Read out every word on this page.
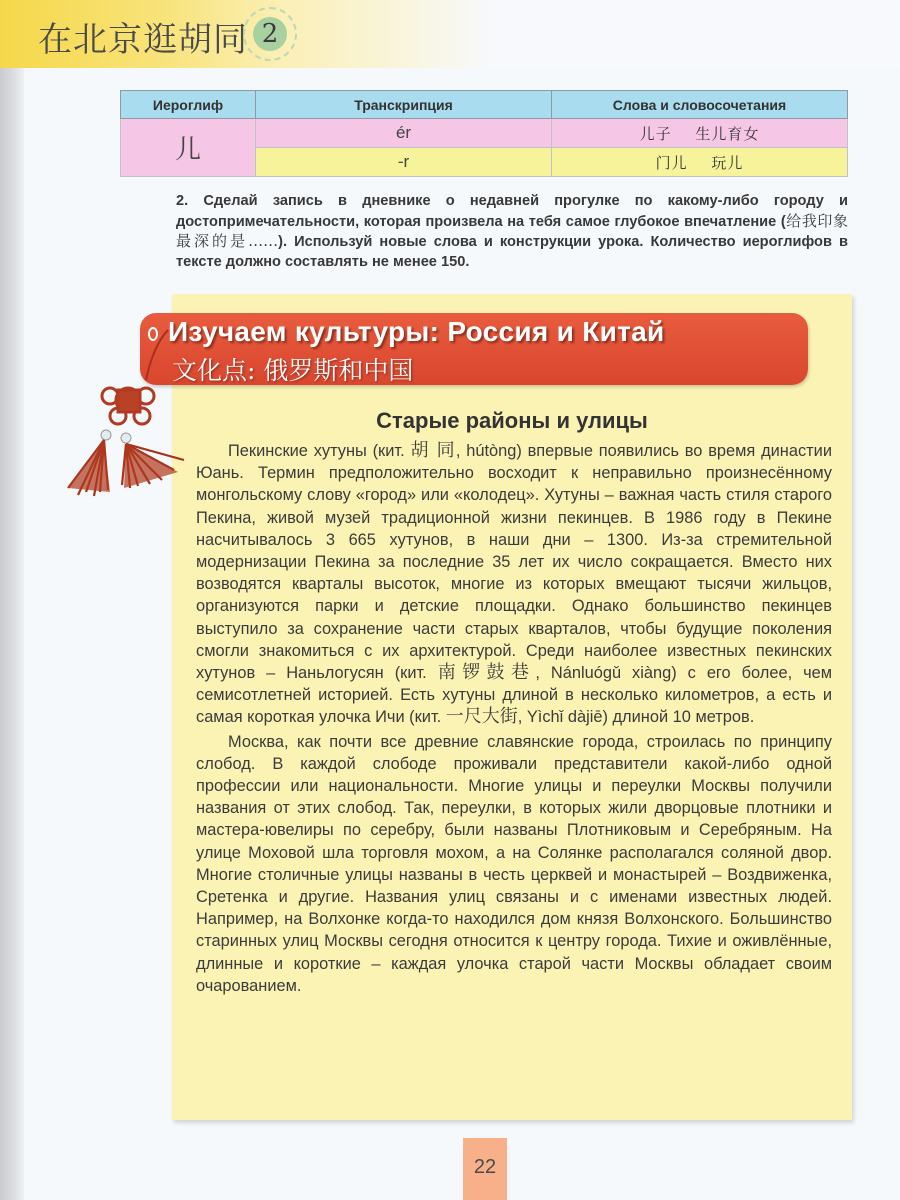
在北京逛胡同 2
Иероглиф	Транскрипция	Слова и словосочетания
儿	ér	儿子 生儿育女
	-r	门儿 玩儿
2. Сделай запись в дневнике о недавней прогулке по какому-либо городу и достопримечательности, которая произвела на тебя самое глубокое впечатление (给我印象最深的是……). Используй новые слова и конструкции урока. Количество иероглифов в тексте должно составлять не менее 150.
Изучаем культуры: Россия и Китай
文化点: 俄罗斯和中国
Старые районы и улицы

Пекинские хутуны (кит. 胡 同, hútòng) впервые появились во время династии Юань. Термин предположительно восходит к неправильно произнесённому монгольскому слову «город» или «колодец». Хутуны – важная часть стиля старого Пекина, живой музей традиционной жизни пекинцев. В 1986 году в Пекине насчитывалось 3 665 хутунов, в наши дни – 1300. Из-за стремительной модернизации Пекина за последние 35 лет их число сокращается. Вместо них возводятся кварталы высоток, многие из которых вмещают тысячи жильцов, организуются парки и детские площадки. Однако большинство пекинцев выступило за сохранение части старых кварталов, чтобы будущие поколения смогли знакомиться с их архитектурой. Среди наиболее известных пекинских хутунов – Наньлогусян (кит. 南锣鼓巷, Nánluógǔ xiàng) с его более, чем семисотлетней историей. Есть хутуны длиной в несколько километров, а есть и самая короткая улочка Ичи (кит. 一尺大街, Yìchǐ dàjiē) длиной 10 метров.

Москва, как почти все древние славянские города, строилась по принципу слобод. В каждой слободе проживали представители какой-либо одной профессии или национальности. Многие улицы и переулки Москвы получили названия от этих слобод. Так, переулки, в которых жили дворцовые плотники и мастера-ювелиры по серебру, были названы Плотниковым и Серебряным. На улице Моховой шла торговля мохом, а на Солянке располагался соляной двор. Многие столичные улицы названы в честь церквей и монастырей – Воздвиженка, Сретенка и другие. Названия улиц связаны и с именами известных людей. Например, на Волхонке когда-то находился дом князя Волхонского. Большинство старинных улиц Москвы сегодня относится к центру города. Тихие и оживлённые, длинные и короткие – каждая улочка старой части Москвы обладает своим очарованием.

22
